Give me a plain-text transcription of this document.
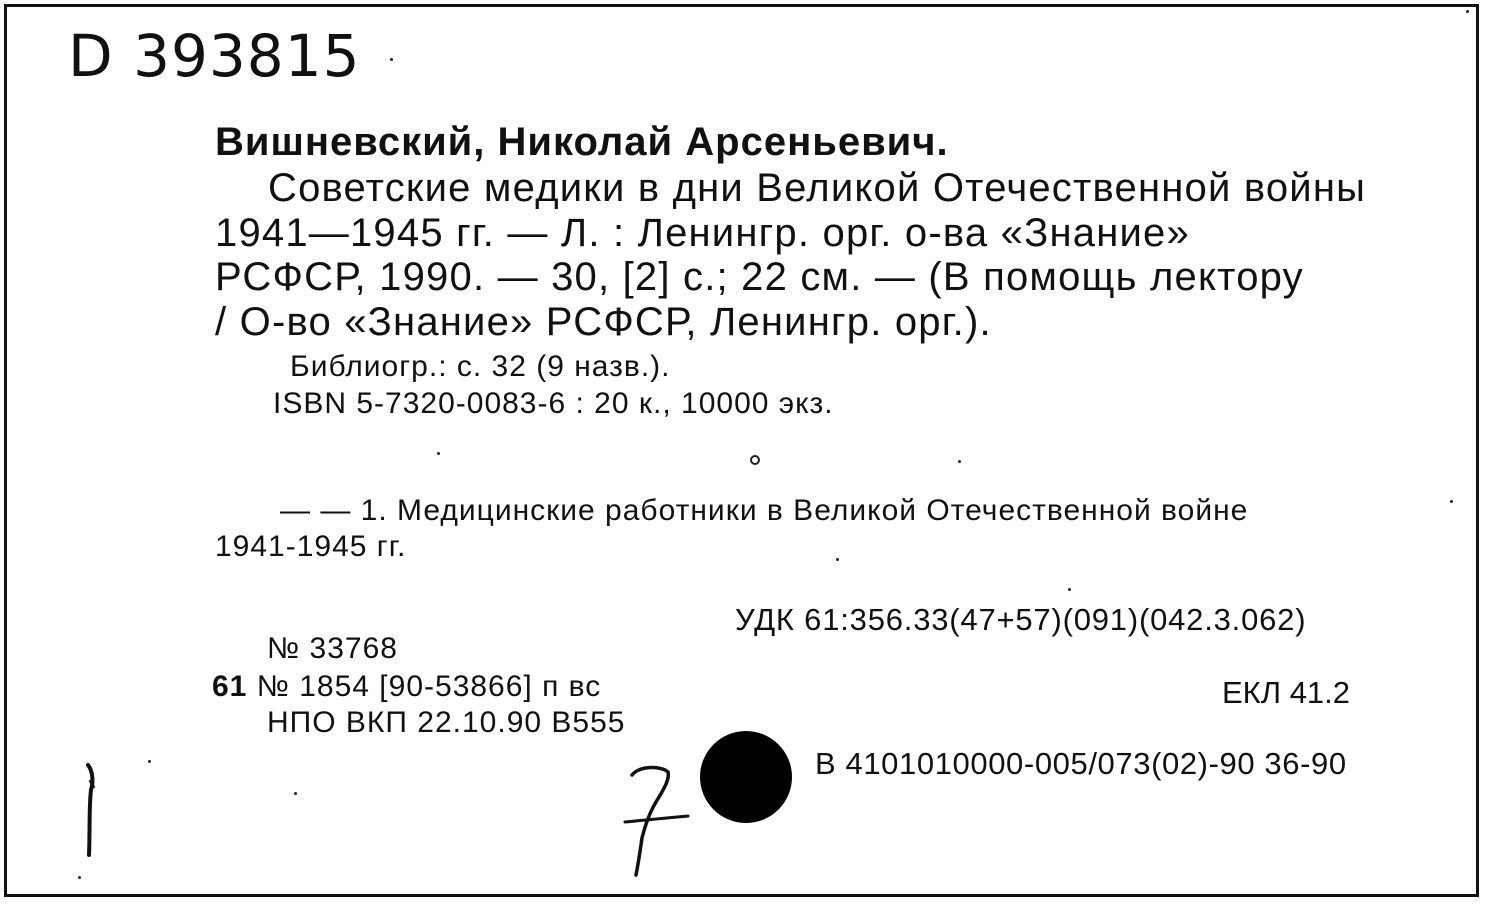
D 393815
Вишневский, Николай Арсеньевич.
Советские медики в дни Великой Отечественной войны
1941—1945 гг. — Л. : Ленингр. орг. о-ва «Знание»
РСФСР, 1990. — 30, [2] с.; 22 см. — (В помощь лектору
/ О-во «Знание» РСФСР, Ленингр. орг.).
Библиогр.: с. 32 (9 назв.).
ISBN 5-7320-0083-6 : 20 к., 10000 экз.
— — 1. Медицинские работники в Великой Отечественной войне
1941-1945 гг.
УДК 61:356.33(47+57)(091)(042.3.062)
№ 33768
61 № 1854 [90-53866] п вс
НПО ВКП 22.10.90 В555
ЕКЛ 41.2
В 4101010000-005/073(02)-90 36-90
